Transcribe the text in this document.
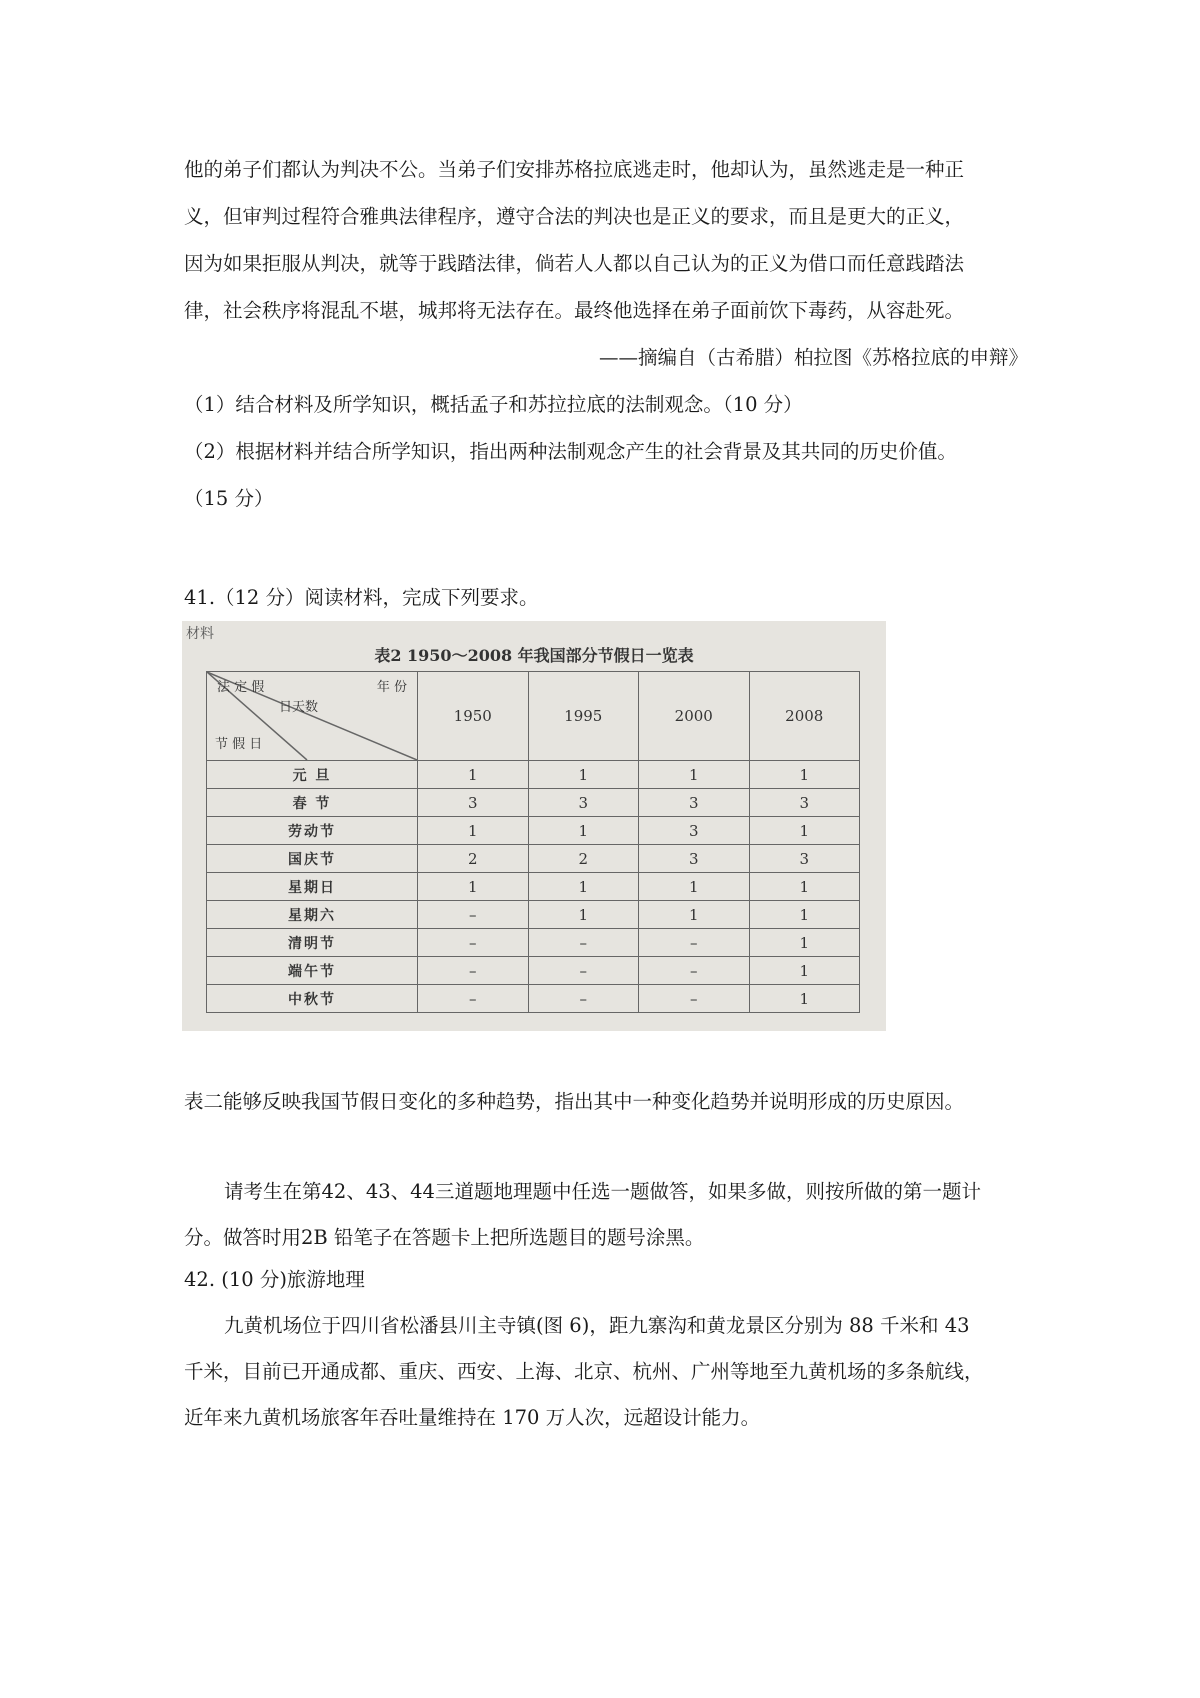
他的弟子们都认为判决不公。当弟子们安排苏格拉底逃走时，他却认为，虽然逃走是一种正
义，但审判过程符合雅典法律程序，遵守合法的判决也是正义的要求，而且是更大的正义，
因为如果拒服从判决，就等于践踏法律，倘若人人都以自己认为的正义为借口而任意践踏法
律，社会秩序将混乱不堪，城邦将无法存在。最终他选择在弟子面前饮下毒药，从容赴死。
——摘编自（古希腊）柏拉图《苏格拉底的申辩》
（1）结合材料及所学知识，概括孟子和苏拉拉底的法制观念。（10 分）
（2）根据材料并结合所学知识，指出两种法制观念产生的社会背景及其共同的历史价值。
（15 分）
41.（12 分）阅读材料，完成下列要求。
材料
表2 1950～2008 年我国部分节假日一览表
法 定 假 年 份
日天数
节 假 日	1950	1995	2000	2008
元 旦	1	1	1	1
春 节	3	3	3	3
劳动节	1	1	3	1
国庆节	2	2	3	3
星期日	1	1	1	1
星期六	–	1	1	1
清明节	–	–	–	1
端午节	–	–	–	1
中秋节	–	–	–	1
表二能够反映我国节假日变化的多种趋势，指出其中一种变化趋势并说明形成的历史原因。
请考生在第42、43、44三道题地理题中任选一题做答，如果多做，则按所做的第一题计
分。做答时用2B 铅笔子在答题卡上把所选题目的题号涂黑。
42. (10 分)旅游地理
九黄机场位于四川省松潘县川主寺镇(图 6)，距九寨沟和黄龙景区分别为 88 千米和 43
千米，目前已开通成都、重庆、西安、上海、北京、杭州、广州等地至九黄机场的多条航线，
近年来九黄机场旅客年吞吐量维持在 170 万人次，远超设计能力。
